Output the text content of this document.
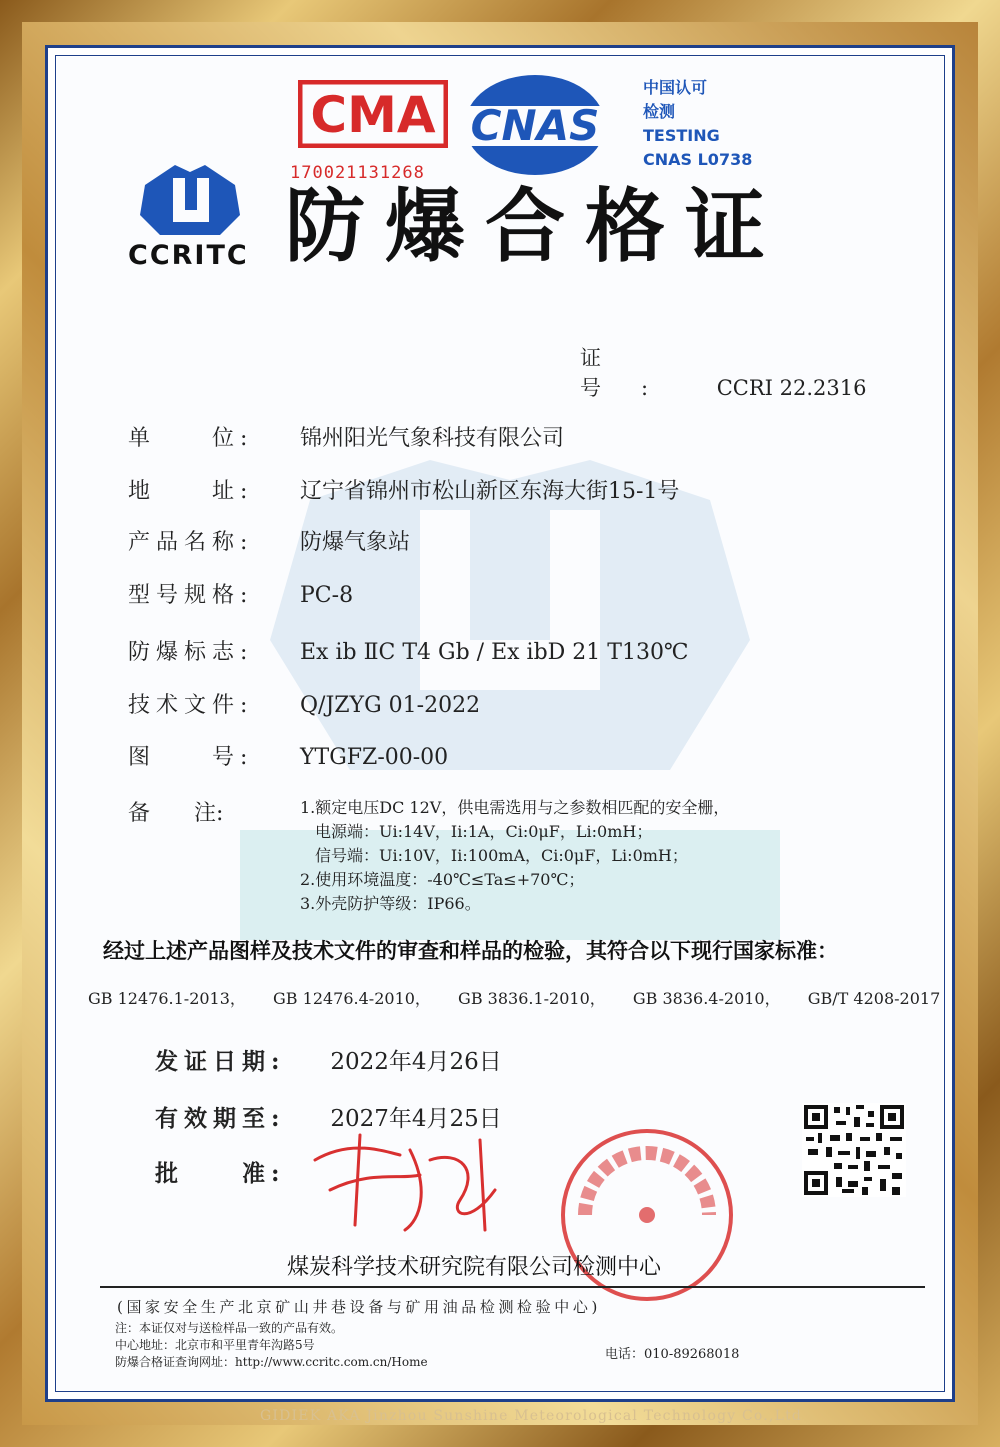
CMA
170021131268
CNAS
中国认可
检测
TESTING
CNAS L0738
CCRITC 防爆合格证
证　号: CCRI 22.2316
单　　位: 锦州阳光气象科技有限公司
地　　址: 辽宁省锦州市松山新区东海大街15-1号
产品名称: 防爆气象站
型号规格: PC-8
防爆标志: Ex ib ⅡC T4 Gb / Ex ibD 21 T130℃
技术文件: Q/JZYG 01-2022
图　　号: YTGFZ-00-00
备　　注:	1.额定电压DC 12V，供电需选用与之参数相匹配的安全栅，
电源端：Ui:14V，Ii:1A，Ci:0μF，Li:0mH；
信号端：Ui:10V，Ii:100mA，Ci:0μF，Li:0mH；
2.使用环境温度：-40℃≤Ta≤+70℃；
3.外壳防护等级：IP66。
经过上述产品图样及技术文件的审查和样品的检验，其符合以下现行国家标准：
GB 12476.1-2013， GB 12476.4-2010， GB 3836.1-2010， GB 3836.4-2010， GB/T 4208-2017
发证日期: 2022年4月26日
有效期至: 2027年4月25日
批　　准:
煤炭科学技术研究院有限公司检测中心
(国家安全生产北京矿山井巷设备与矿用油品检测检验中心)
注：本证仅对与送检样品一致的产品有效。
中心地址：北京市和平里青年沟路5号
防爆合格证查询网址：http://www.ccritc.com.cn/Home	电话：010-89268018
GIDIEK AKA Jinzhou Sunshine Meteorological Technology Co.,Ltd
